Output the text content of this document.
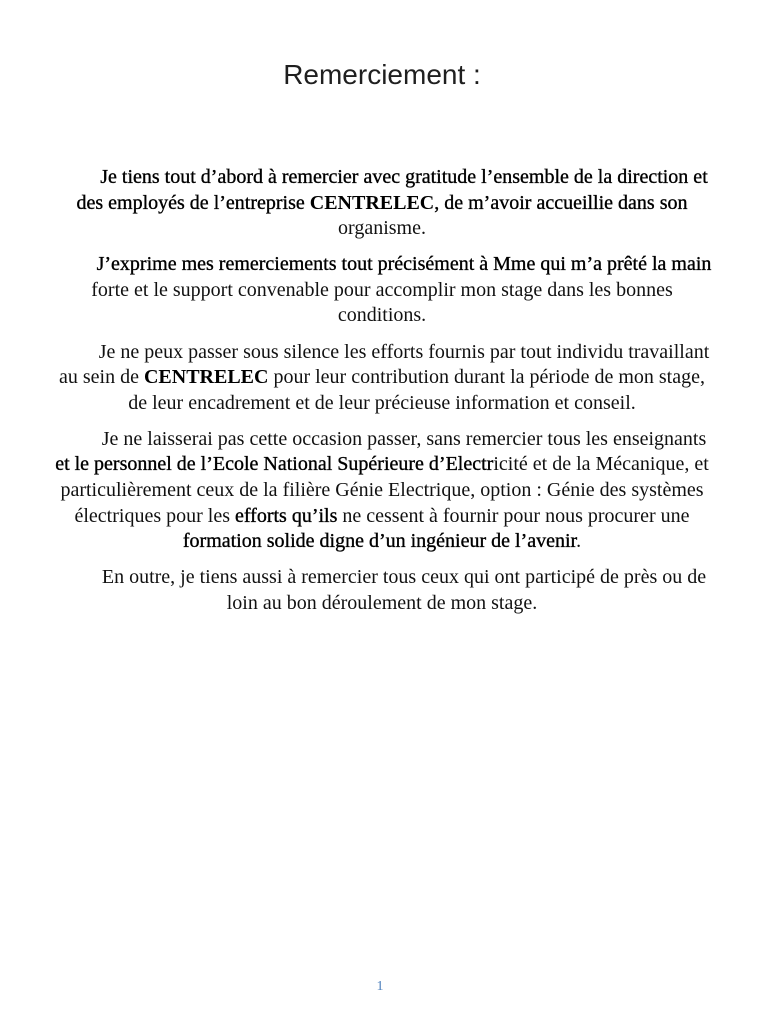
Remerciement :
Je tiens tout d’abord à remercier avec gratitude l’ensemble de la direction et
des employés de l’entreprise CENTRELEC, de m’avoir accueillie dans son
organisme.
J’exprime mes remerciements tout précisément à Mme qui m’a prêté la main
forte et le support convenable pour accomplir mon stage dans les bonnes
conditions.
Je ne peux passer sous silence les efforts fournis par tout individu travaillant
au sein de CENTRELEC pour leur contribution durant la période de mon stage,
de leur encadrement et de leur précieuse information et conseil.
Je ne laisserai pas cette occasion passer, sans remercier tous les enseignants
et le personnel de l’Ecole National Supérieure d’Electricité et de la Mécanique, et
particulièrement ceux de la filière Génie Electrique, option : Génie des systèmes
électriques pour les efforts qu’ils ne cessent à fournir pour nous procurer une
formation solide digne d’un ingénieur de l’avenir.
En outre, je tiens aussi à remercier tous ceux qui ont participé de près ou de
loin au bon déroulement de mon stage.
1
